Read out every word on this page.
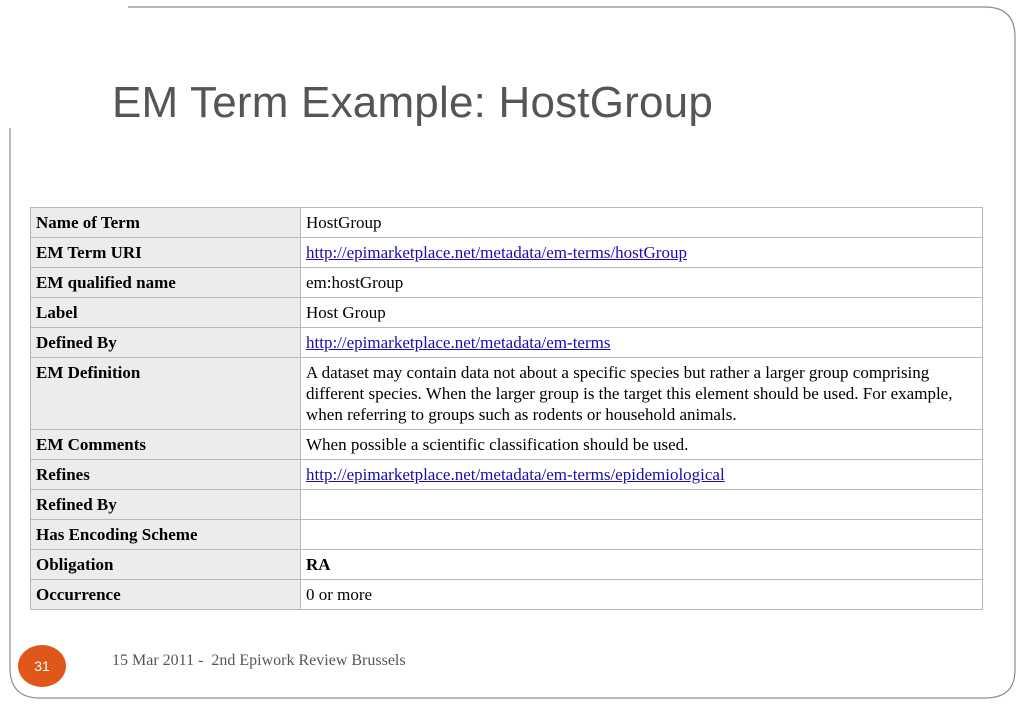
EM Term Example: HostGroup
Name of Term	HostGroup
EM Term URI	http://epimarketplace.net/metadata/em-terms/hostGroup
EM qualified name	em:hostGroup
Label	Host Group
Defined By	http://epimarketplace.net/metadata/em-terms
EM Definition	A dataset may contain data not about a specific species but rather a larger group comprising different species. When the larger group is the target this element should be used. For example, when referring to groups such as rodents or household animals.
EM Comments	When possible a scientific classification should be used.
Refines	http://epimarketplace.net/metadata/em-terms/epidemiological
Refined By	
Has Encoding Scheme	
Obligation	RA
Occurrence	0 or more
31	15 Mar 2011 -  2nd Epiwork Review Brussels
